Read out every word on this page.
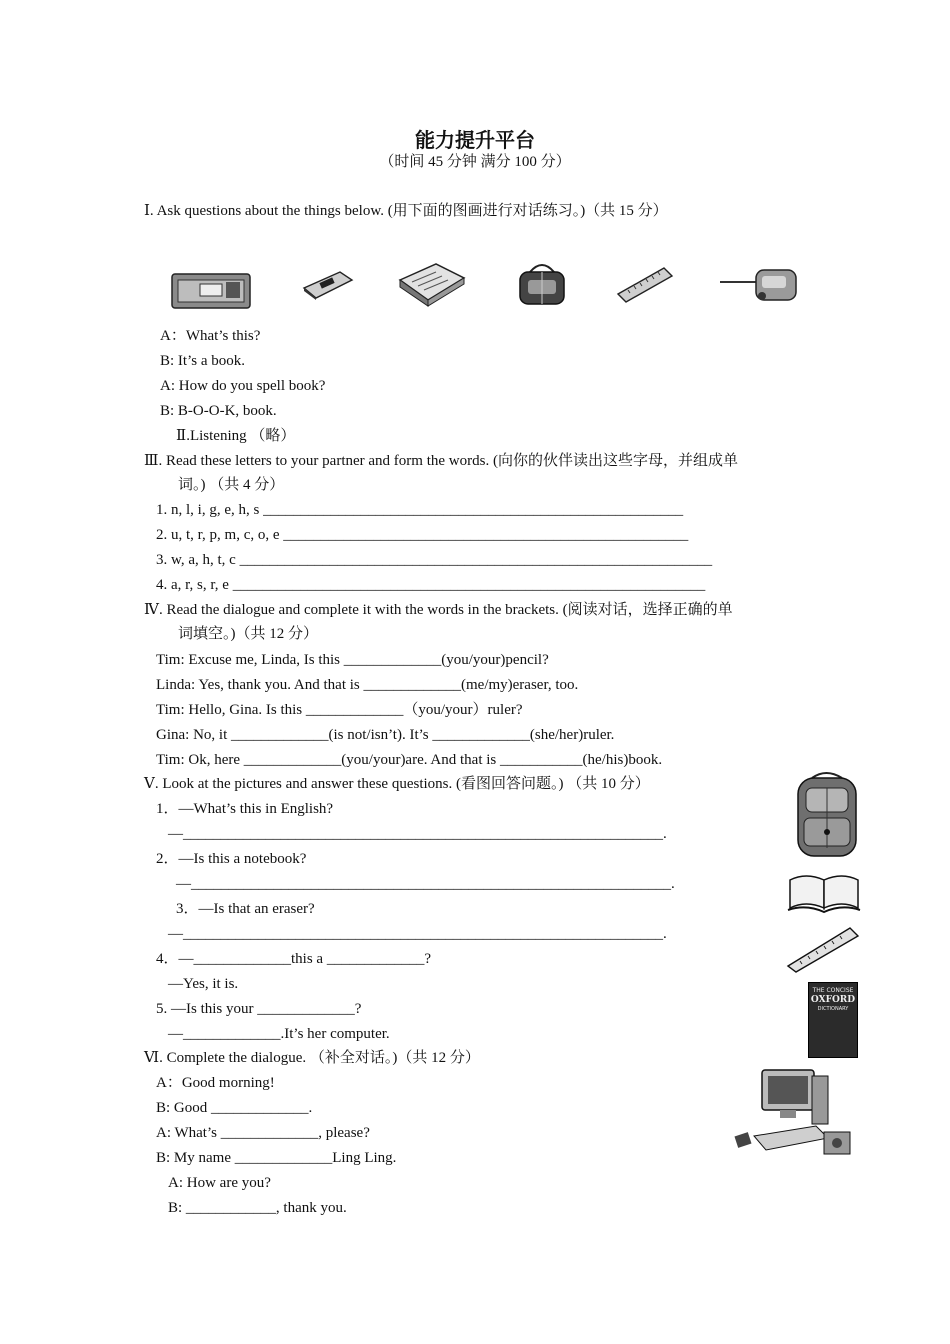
能力提升平台
（时间 45 分钟 满分 100 分）
Ⅰ. Ask questions about the things below. (用下面的图画进行对话练习。)（共 15 分）
A：What’s this?
B: It’s a book.
A: How do you spell book?
B: B-O-O-K, book.
Ⅱ.Listening （略）
Ⅲ. Read these letters to your partner and form the words. (向你的伙伴读出这些字母，并组成单
词。) （共 4 分）
1. n, l, i, g, e, h, s ________________________________________________________
2. u, t, r, p, m, c, o, e ______________________________________________________
3. w, a, h, t, c _______________________________________________________________
4. a, r, s, r, e _______________________________________________________________
Ⅳ. Read the dialogue and complete it with the words in the brackets. (阅读对话，选择正确的单
词填空。)（共 12 分）
Tim: Excuse me, Linda, Is this _____________(you/your)pencil?
Linda: Yes, thank you. And that is _____________(me/my)eraser, too.
Tim: Hello, Gina. Is this _____________（you/your）ruler?
Gina: No, it _____________(is not/isn’t). It’s _____________(she/her)ruler.
Tim: Ok, here _____________(you/your)are. And that is ___________(he/his)book.
Ⅴ. Look at the pictures and answer these questions. (看图回答问题。) （共 10 分）
1．—What’s this in English?
—________________________________________________________________.
2．—Is this a notebook?
—________________________________________________________________.
3．—Is that an eraser?
—________________________________________________________________.
4．—_____________this a _____________?
—Yes, it is.
5. —Is this your _____________?
—_____________.It’s her computer.
THE CONCISE
OXFORD
DICTIONARY
Ⅵ. Complete the dialogue. （补全对话。)（共 12 分）
A：Good morning!
B: Good _____________.
A: What’s _____________, please?
B: My name _____________Ling Ling.
A: How are you?
B: ____________, thank you.
